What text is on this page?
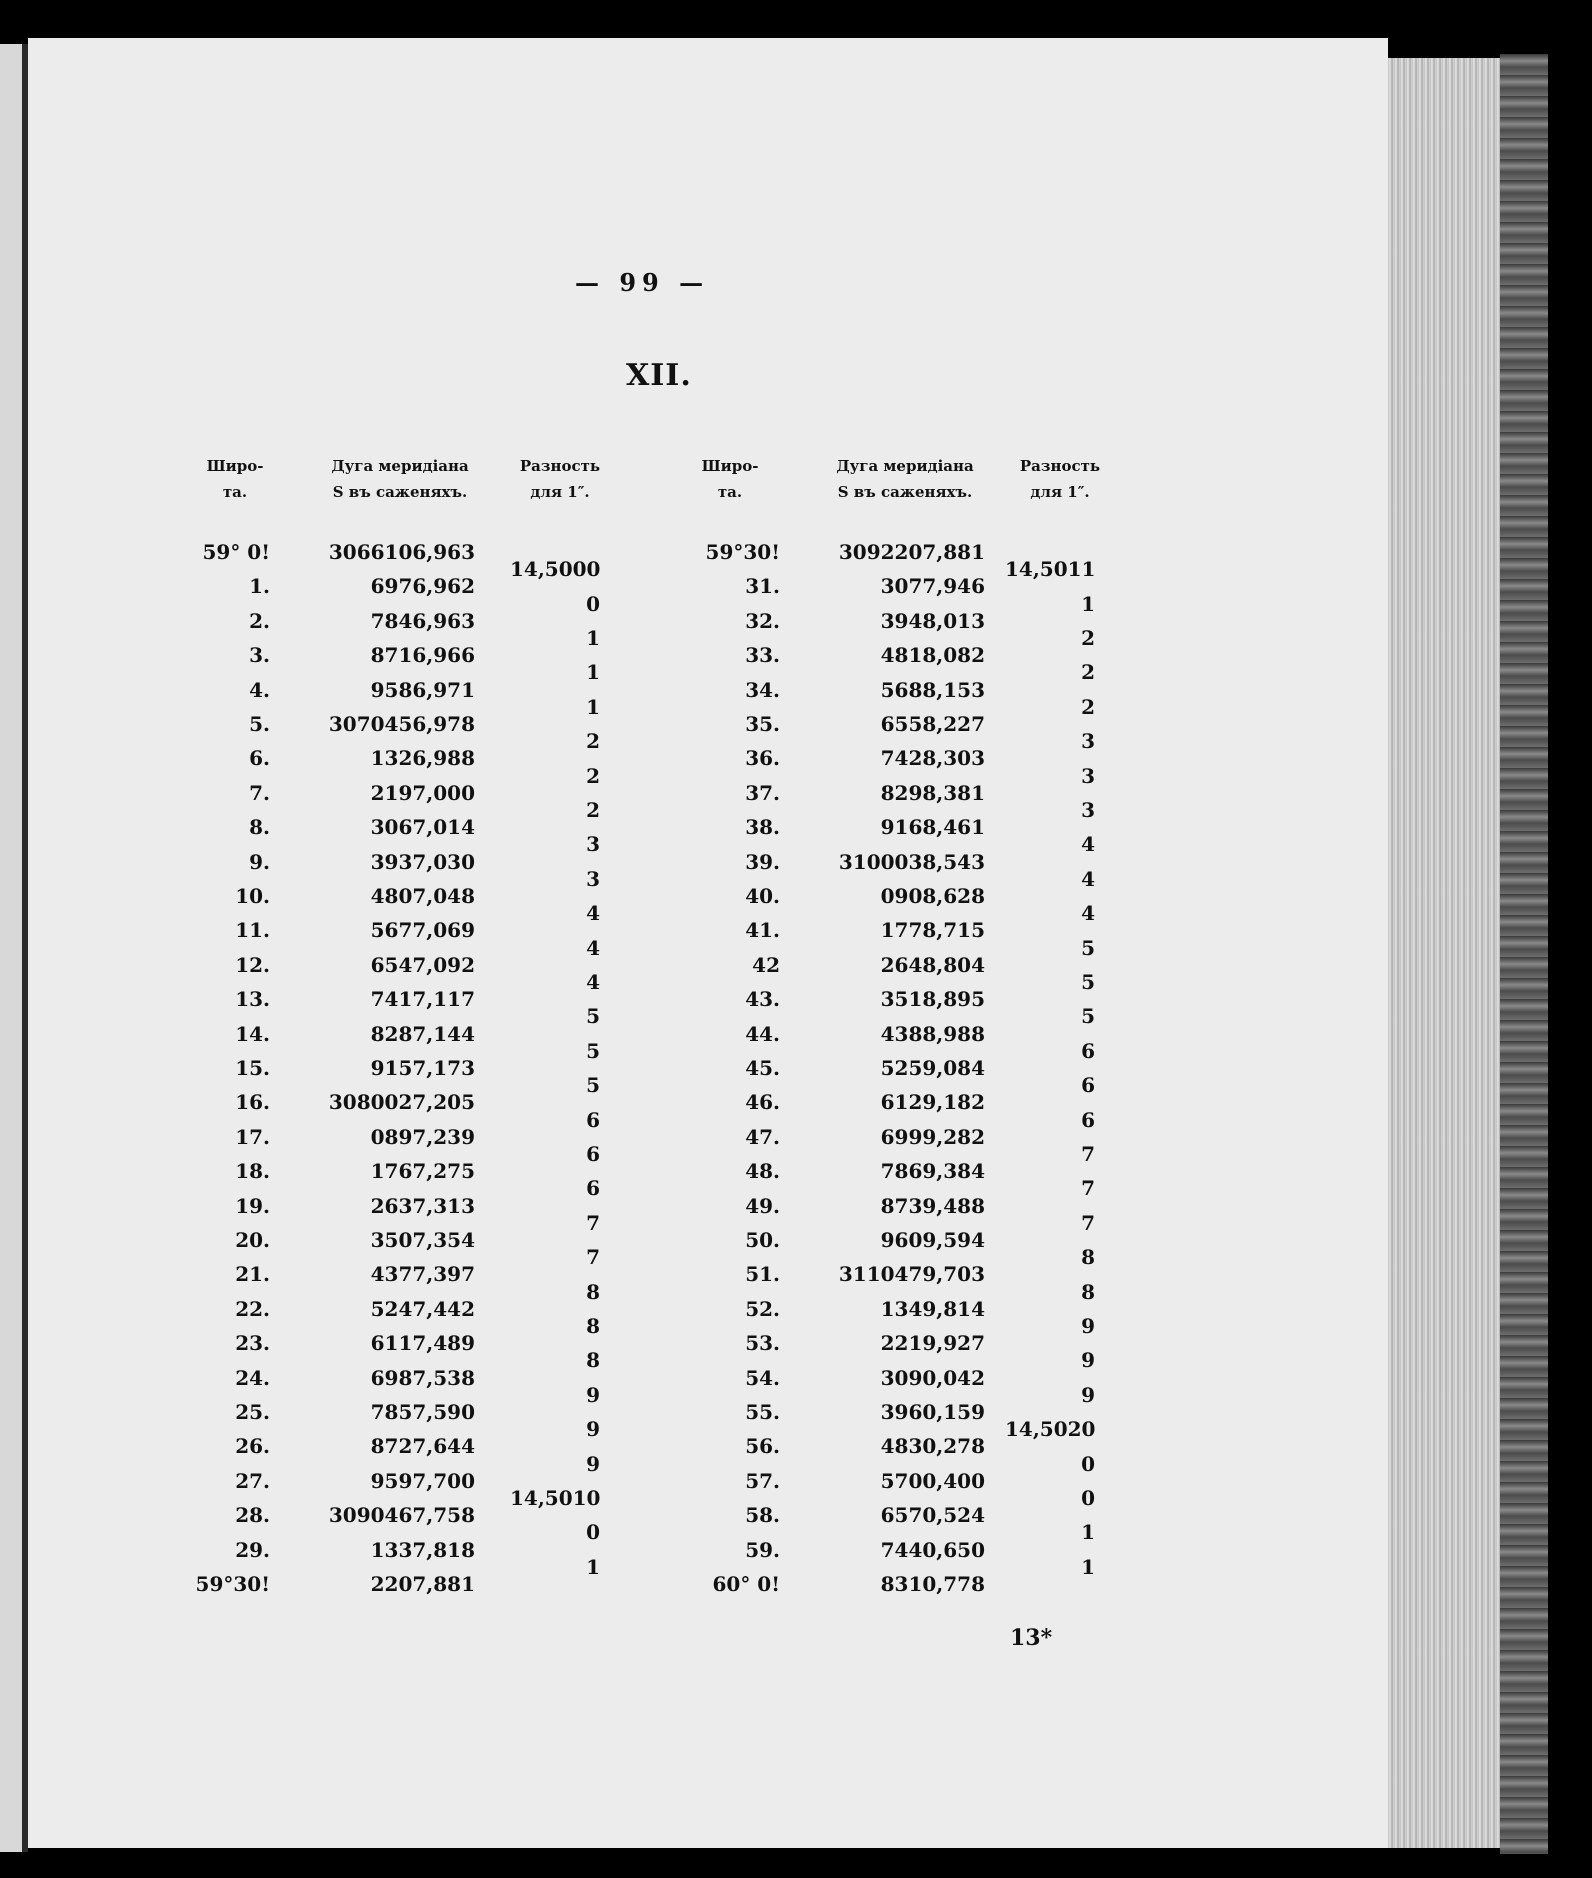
— 99 —
XII.
Широ-
та.
Дуга меридіана
S въ саженяхъ.
Разность
для 1″.
Широ-
та.
Дуга меридіана
S въ саженяхъ.
Разность
для 1″.
59° 0!
1.
2.
3.
4.
5.
6.
7.
8.
9.
10.
11.
12.
13.
14.
15.
16.
17.
18.
19.
20.
21.
22.
23.
24.
25.
26.
27.
28.
29.
59°30!
3066106,963
6976,962
7846,963
8716,966
9586,971
3070456,978
1326,988
2197,000
3067,014
3937,030
4807,048
5677,069
6547,092
7417,117
8287,144
9157,173
3080027,205
0897,239
1767,275
2637,313
3507,354
4377,397
5247,442
6117,489
6987,538
7857,590
8727,644
9597,700
3090467,758
1337,818
2207,881
14,5000
0
1
1
1
2
2
2
3
3
4
4
4
5
5
5
6
6
6
7
7
8
8
8
9
9
9
14,5010
0
1
59°30!
31.
32.
33.
34.
35.
36.
37.
38.
39.
40.
41.
42
43.
44.
45.
46.
47.
48.
49.
50.
51.
52.
53.
54.
55.
56.
57.
58.
59.
60° 0!
3092207,881
3077,946
3948,013
4818,082
5688,153
6558,227
7428,303
8298,381
9168,461
3100038,543
0908,628
1778,715
2648,804
3518,895
4388,988
5259,084
6129,182
6999,282
7869,384
8739,488
9609,594
3110479,703
1349,814
2219,927
3090,042
3960,159
4830,278
5700,400
6570,524
7440,650
8310,778
14,5011
1
2
2
2
3
3
3
4
4
4
5
5
5
6
6
6
7
7
7
8
8
9
9
9
14,5020
0
0
1
1
13*
